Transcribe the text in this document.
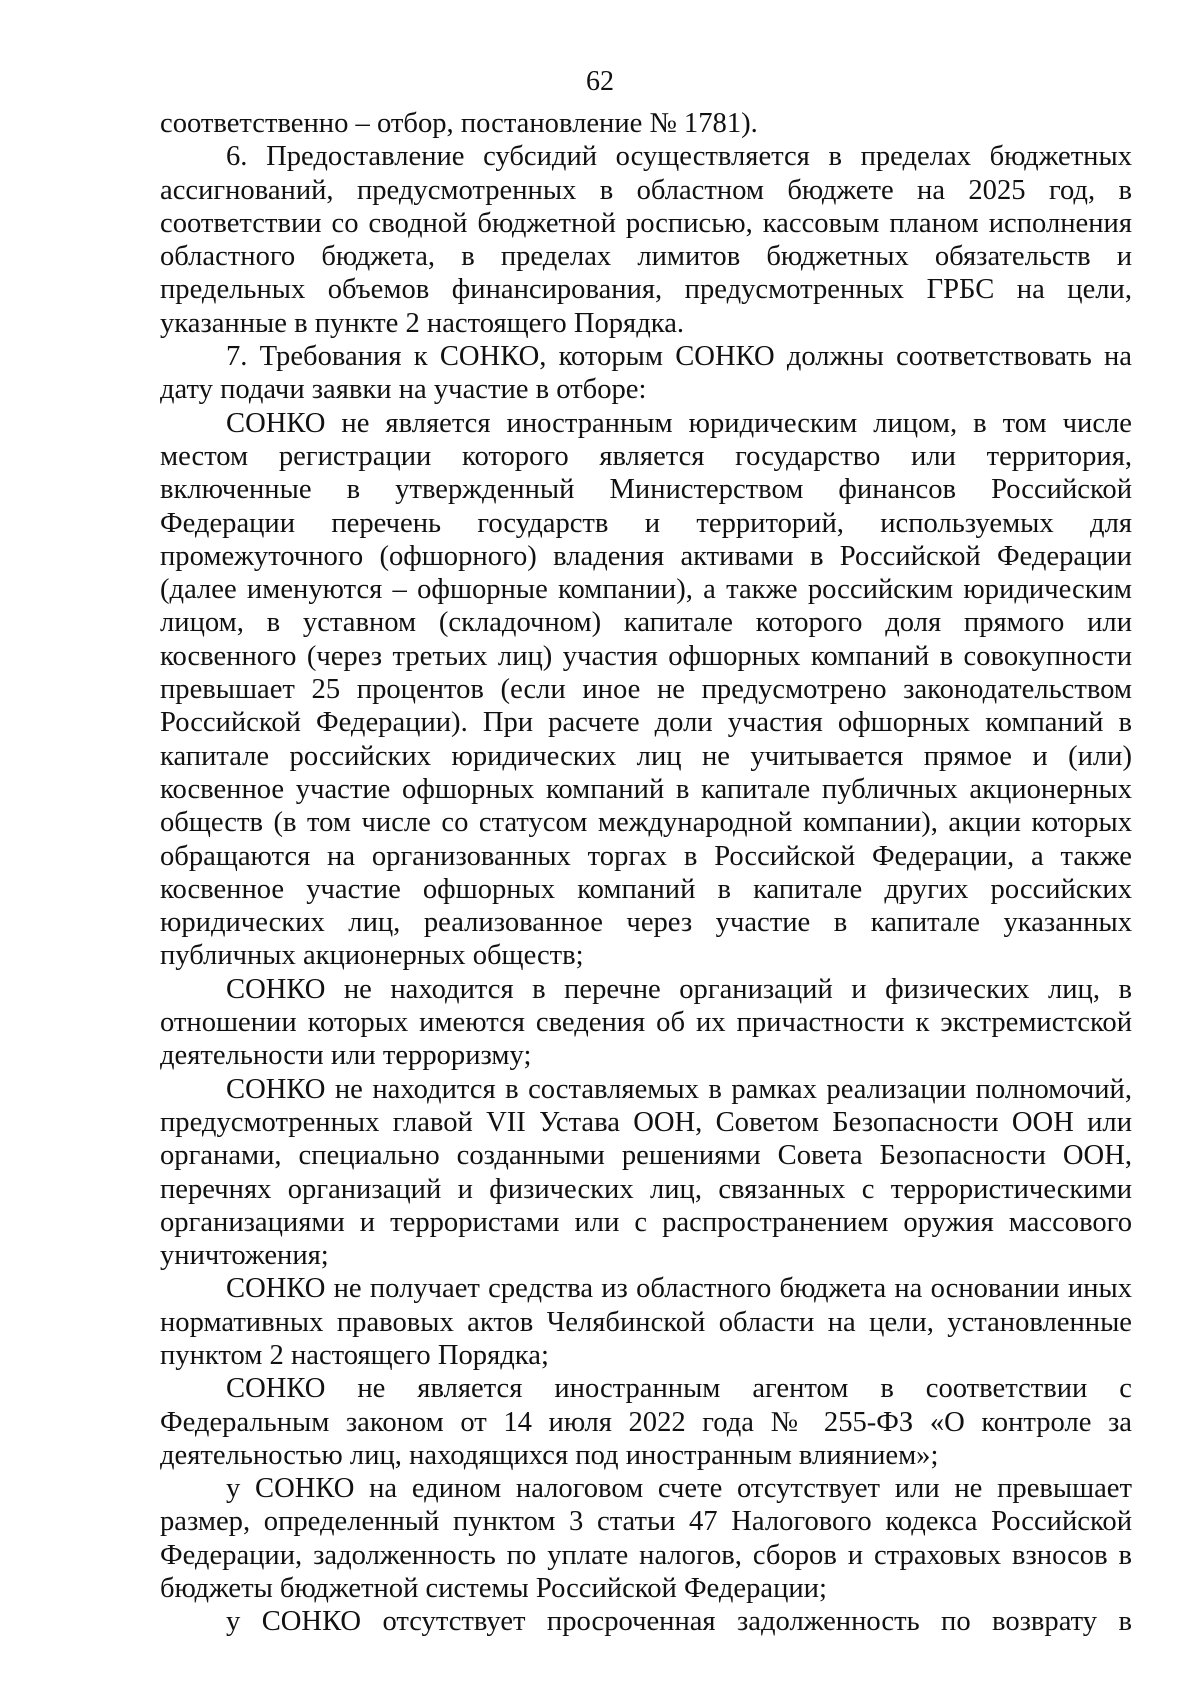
62

соответственно – отбор, постановление № 1781).

6. Предоставление субсидий осуществляется в пределах бюджетных ассигнований, предусмотренных в областном бюджете на 2025 год, в соответствии со сводной бюджетной росписью, кассовым планом исполнения областного бюджета, в пределах лимитов бюджетных обязательств и предельных объемов финансирования, предусмотренных ГРБС на цели, указанные в пункте 2 настоящего Порядка.

7. Требования к СОНКО, которым СОНКО должны соответствовать на дату подачи заявки на участие в отборе:

СОНКО не является иностранным юридическим лицом, в том числе местом регистрации которого является государство или территория, включенные в утвержденный Министерством финансов Российской Федерации перечень государств и территорий, используемых для промежуточного (офшорного) владения активами в Российской Федерации (далее именуются – офшорные компании), а также российским юридическим лицом, в уставном (складочном) капитале которого доля прямого или косвенного (через третьих лиц) участия офшорных компаний в совокупности превышает 25 процентов (если иное не предусмотрено законодательством Российской Федерации). При расчете доли участия офшорных компаний в капитале российских юридических лиц не учитывается прямое и (или) косвенное участие офшорных компаний в капитале публичных акционерных обществ (в том числе со статусом международной компании), акции которых обращаются на организованных торгах в Российской Федерации, а также косвенное участие офшорных компаний в капитале других российских юридических лиц, реализованное через участие в капитале указанных публичных акционерных обществ;

СОНКО не находится в перечне организаций и физических лиц, в отношении которых имеются сведения об их причастности к экстремистской деятельности или терроризму;

СОНКО не находится в составляемых в рамках реализации полномочий, предусмотренных главой VII Устава ООН, Советом Безопасности ООН или органами, специально созданными решениями Совета Безопасности ООН, перечнях организаций и физических лиц, связанных с террористическими организациями и террористами или с распространением оружия массового уничтожения;

СОНКО не получает средства из областного бюджета на основании иных нормативных правовых актов Челябинской области на цели, установленные пунктом 2 настоящего Порядка;

СОНКО не является иностранным агентом в соответствии с Федеральным законом от 14 июля 2022 года № 255-ФЗ «О контроле за деятельностью лиц, находящихся под иностранным влиянием»;

у СОНКО на едином налоговом счете отсутствует или не превышает размер, определенный пунктом 3 статьи 47 Налогового кодекса Российской Федерации, задолженность по уплате налогов, сборов и страховых взносов в бюджеты бюджетной системы Российской Федерации;

у СОНКО отсутствует просроченная задолженность по возврату в
